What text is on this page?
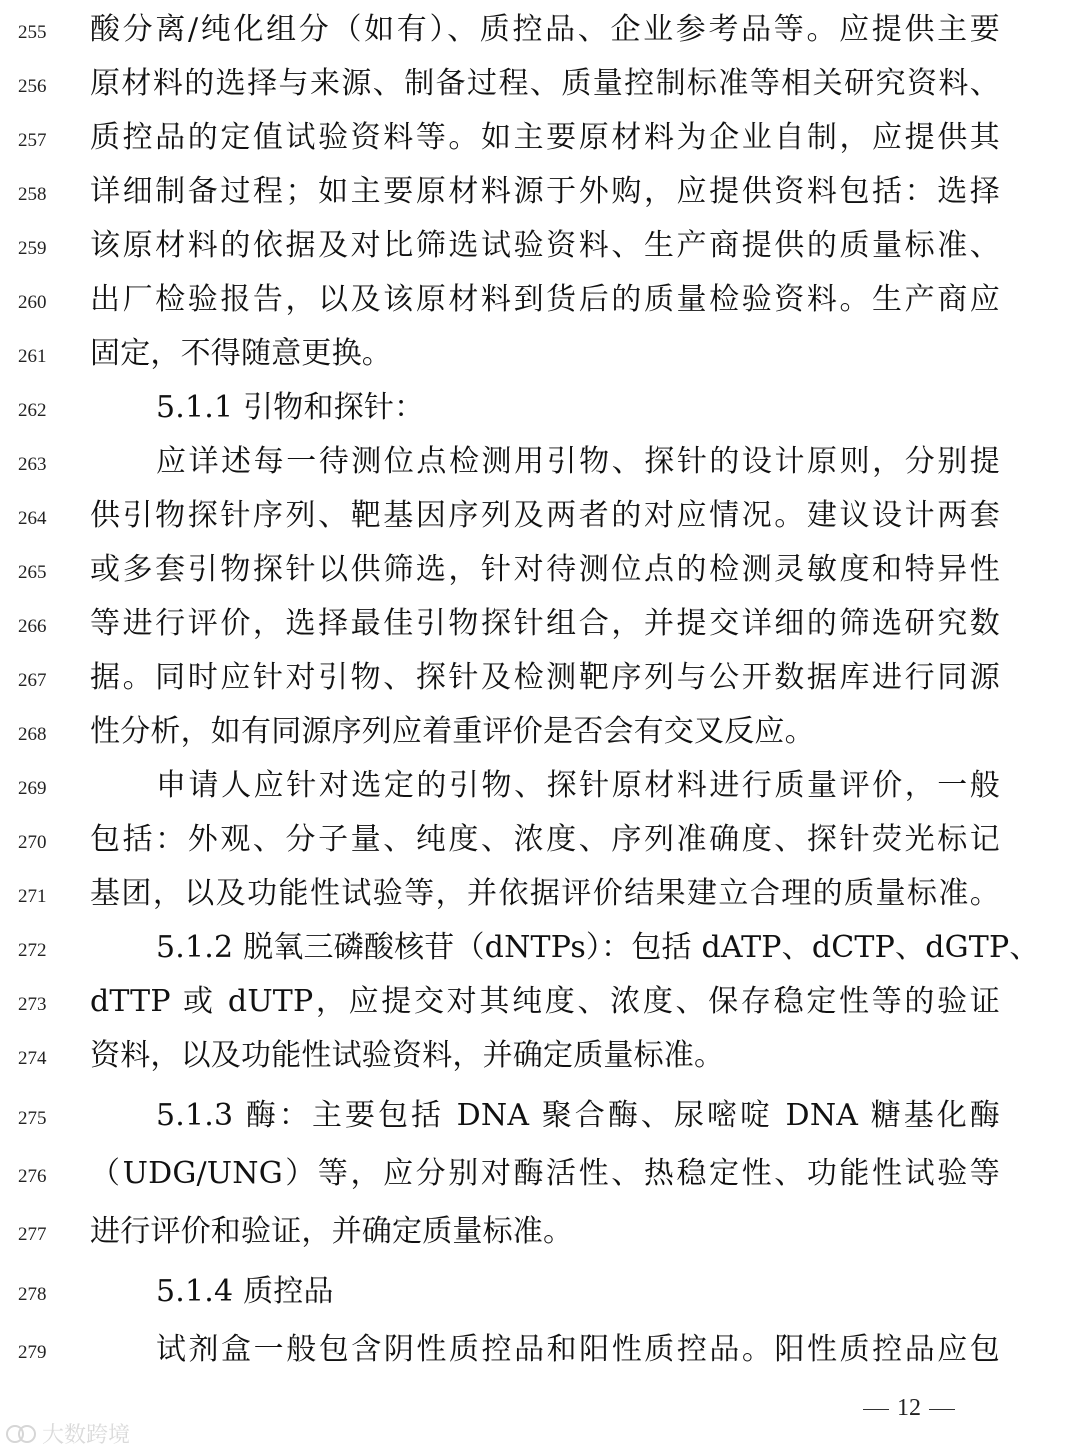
255	酸分离/纯化组分（如有）、质控品、企业参考品等。应提供主要
256	原材料的选择与来源、制备过程、质量控制标准等相关研究资料、
257	质控品的定值试验资料等。如主要原材料为企业自制，应提供其
258	详细制备过程；如主要原材料源于外购，应提供资料包括：选择
259	该原材料的依据及对比筛选试验资料、生产商提供的质量标准、
260	出厂检验报告，以及该原材料到货后的质量检验资料。生产商应
261	固定，不得随意更换。
262	5.1.1 引物和探针：
263	应详述每一待测位点检测用引物、探针的设计原则，分别提
264	供引物探针序列、靶基因序列及两者的对应情况。建议设计两套
265	或多套引物探针以供筛选，针对待测位点的检测灵敏度和特异性
266	等进行评价，选择最佳引物探针组合，并提交详细的筛选研究数
267	据。同时应针对引物、探针及检测靶序列与公开数据库进行同源
268	性分析，如有同源序列应着重评价是否会有交叉反应。
269	申请人应针对选定的引物、探针原材料进行质量评价，一般
270	包括：外观、分子量、纯度、浓度、序列准确度、探针荧光标记
271	基团，以及功能性试验等，并依据评价结果建立合理的质量标准。
272	5.1.2 脱氧三磷酸核苷（dNTPs）：包括 dATP、dCTP、dGTP、
273	dTTP 或 dUTP，应提交对其纯度、浓度、保存稳定性等的验证
274	资料，以及功能性试验资料，并确定质量标准。
275	5.1.3 酶：主要包括 DNA 聚合酶、尿嘧啶 DNA 糖基化酶
276	（UDG/UNG）等，应分别对酶活性、热稳定性、功能性试验等
277	进行评价和验证，并确定质量标准。
278	5.1.4 质控品
279	试剂盒一般包含阴性质控品和阳性质控品。阳性质控品应包
12
大数跨境
